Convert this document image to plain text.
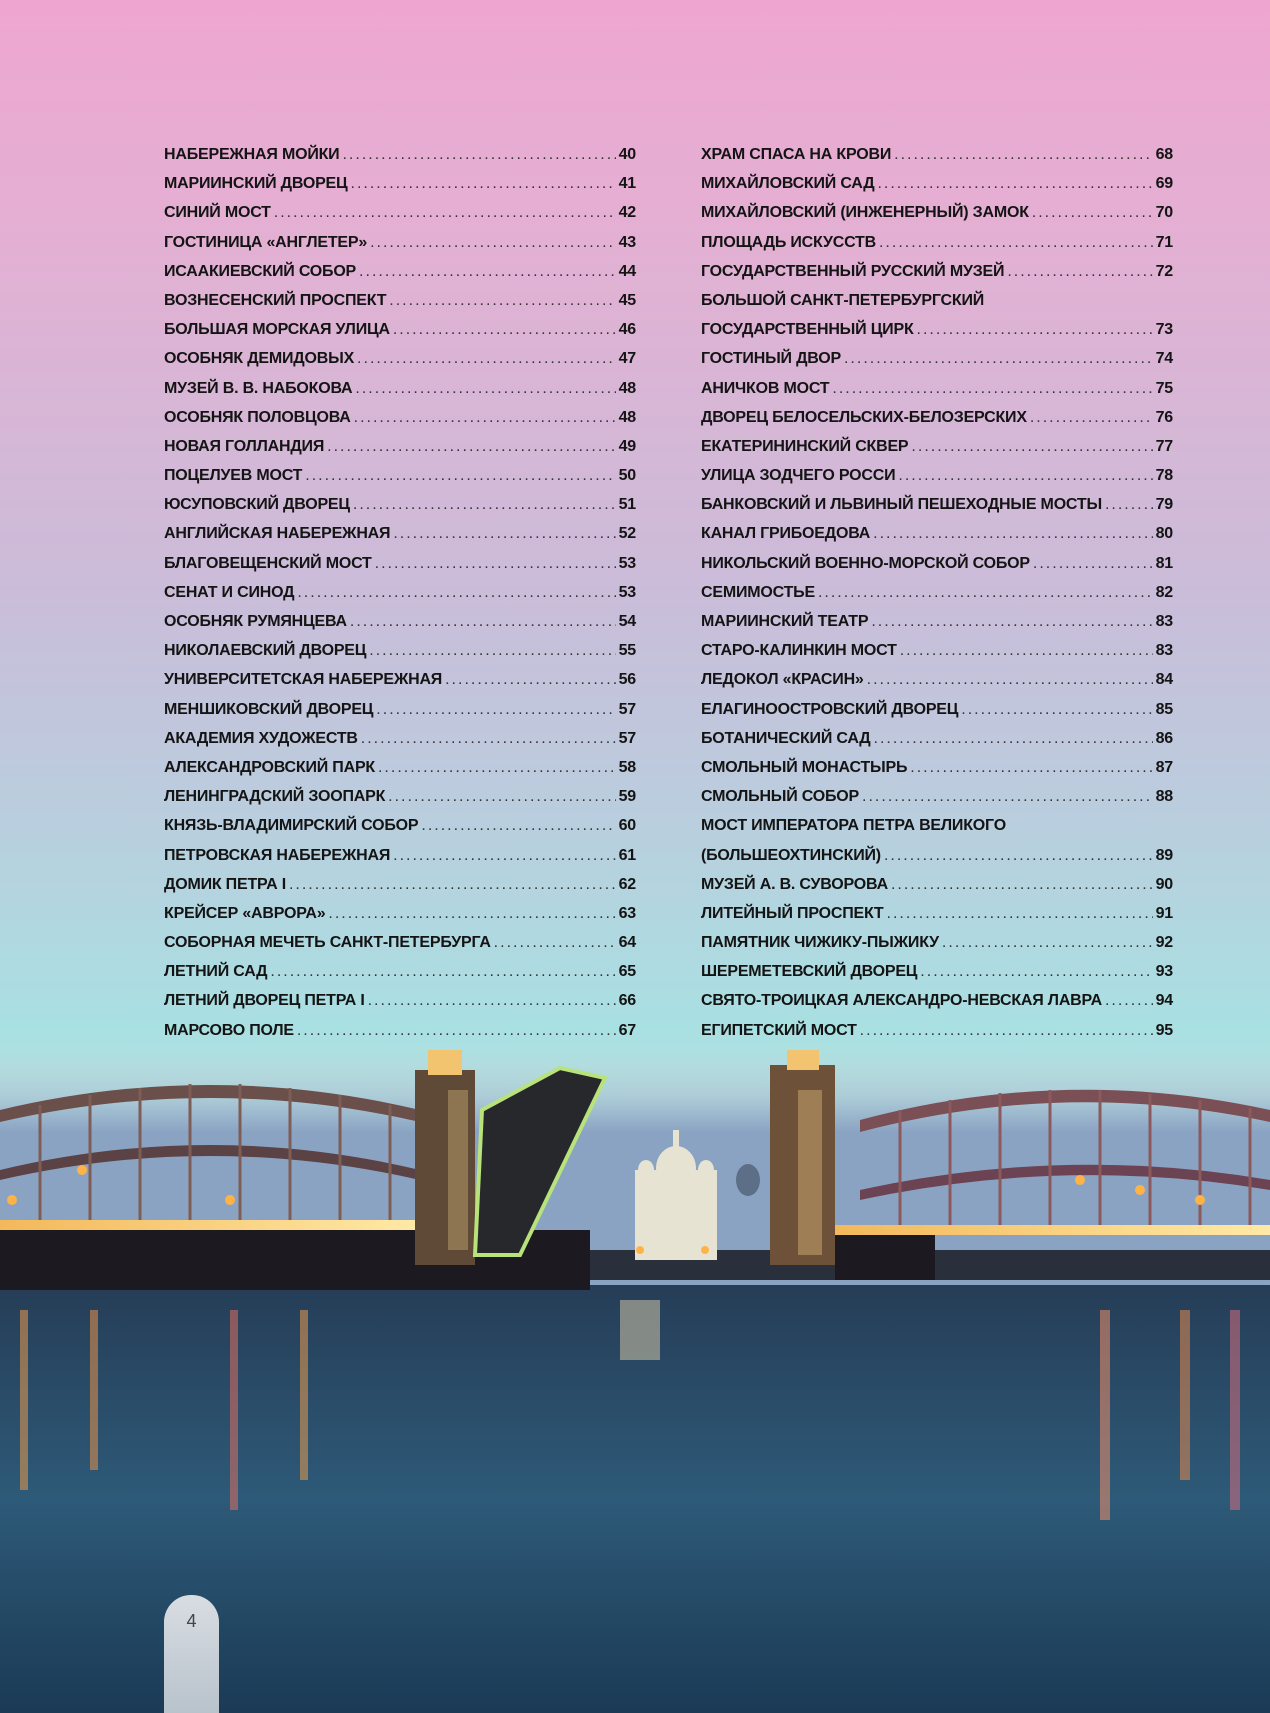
НАБЕРЕЖНАЯ МОЙКИ .....	40
МАРИИНСКИЙ ДВОРЕЦ .....	41
СИНИЙ МОСТ .....	42
ГОСТИНИЦА «АНГЛЕТЕР» .....	43
ИСААКИЕВСКИЙ СОБОР .....	44
ВОЗНЕСЕНСКИЙ ПРОСПЕКТ .....	45
БОЛЬШАЯ МОРСКАЯ УЛИЦА .....	46
ОСОБНЯК ДЕМИДОВЫХ .....	47
МУЗЕЙ В. В. НАБОКОВА .....	48
ОСОБНЯК ПОЛОВЦОВА .....	48
НОВАЯ ГОЛЛАНДИЯ .....	49
ПОЦЕЛУЕВ МОСТ .....	50
ЮСУПОВСКИЙ ДВОРЕЦ .....	51
АНГЛИЙСКАЯ НАБЕРЕЖНАЯ .....	52
БЛАГОВЕЩЕНСКИЙ МОСТ .....	53
СЕНАТ И СИНОД .....	53
ОСОБНЯК РУМЯНЦЕВА .....	54
НИКОЛАЕВСКИЙ ДВОРЕЦ .....	55
УНИВЕРСИТЕТСКАЯ НАБЕРЕЖНАЯ .....	56
МЕНШИКОВСКИЙ ДВОРЕЦ .....	57
АКАДЕМИЯ ХУДОЖЕСТВ .....	57
АЛЕКСАНДРОВСКИЙ ПАРК .....	58
ЛЕНИНГРАДСКИЙ ЗООПАРК .....	59
КНЯЗЬ-ВЛАДИМИРСКИЙ СОБОР .....	60
ПЕТРОВСКАЯ НАБЕРЕЖНАЯ .....	61
ДОМИК ПЕТРА I .....	62
КРЕЙСЕР «АВРОРА» .....	63
СОБОРНАЯ МЕЧЕТЬ САНКТ-ПЕТЕРБУРГА .....	64
ЛЕТНИЙ САД .....	65
ЛЕТНИЙ ДВОРЕЦ ПЕТРА I .....	66
МАРСОВО ПОЛЕ .....	67
ХРАМ СПАСА НА КРОВИ .....	68
МИХАЙЛОВСКИЙ САД .....	69
МИХАЙЛОВСКИЙ (ИНЖЕНЕРНЫЙ) ЗАМОК .....	70
ПЛОЩАДЬ ИСКУССТВ .....	71
ГОСУДАРСТВЕННЫЙ РУССКИЙ МУЗЕЙ .....	72
БОЛЬШОЙ САНКТ-ПЕТЕРБУРГСКИЙ
ГОСУДАРСТВЕННЫЙ ЦИРК .....	73
ГОСТИНЫЙ ДВОР .....	74
АНИЧКОВ МОСТ .....	75
ДВОРЕЦ БЕЛОСЕЛЬСКИХ-БЕЛОЗЕРСКИХ .....	76
ЕКАТЕРИНИНСКИЙ СКВЕР .....	77
УЛИЦА ЗОДЧЕГО РОССИ .....	78
БАНКОВСКИЙ И ЛЬВИНЫЙ ПЕШЕХОДНЫЕ МОСТЫ .....	79
КАНАЛ ГРИБОЕДОВА .....	80
НИКОЛЬСКИЙ ВОЕННО-МОРСКОЙ СОБОР .....	81
СЕМИМОСТЬЕ .....	82
МАРИИНСКИЙ ТЕАТР .....	83
СТАРО-КАЛИНКИН МОСТ .....	83
ЛЕДОКОЛ «КРАСИН» .....	84
ЕЛАГИНООСТРОВСКИЙ ДВОРЕЦ .....	85
БОТАНИЧЕСКИЙ САД .....	86
СМОЛЬНЫЙ МОНАСТЫРЬ .....	87
СМОЛЬНЫЙ СОБОР .....	88
МОСТ ИМПЕРАТОРА ПЕТРА ВЕЛИКОГО
(БОЛЬШЕОХТИНСКИЙ) .....	89
МУЗЕЙ А. В. СУВОРОВА .....	90
ЛИТЕЙНЫЙ ПРОСПЕКТ .....	91
ПАМЯТНИК ЧИЖИКУ-ПЫЖИКУ .....	92
ШЕРЕМЕТЕВСКИЙ ДВОРЕЦ .....	93
СВЯТО-ТРОИЦКАЯ АЛЕКСАНДРО-НЕВСКАЯ ЛАВРА .....	94
ЕГИПЕТСКИЙ МОСТ .....	95
4
